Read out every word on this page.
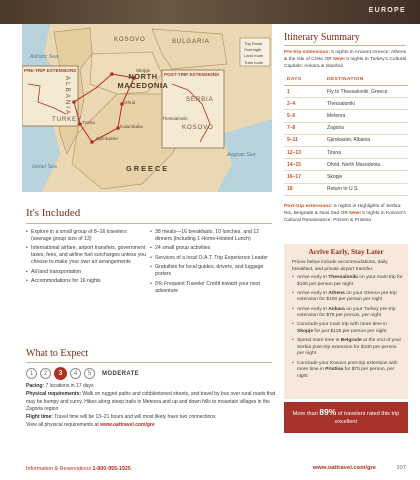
EUROPE
KOSOVO	BULGARIA
NORTH MACEDONIA
ALBANIA
GREECE
SERBIA
KOSOVO
TURKEY
Adriatic Sea
Ionian Sea
Aegean Sea
Skopje
Ohrid
Gjirokaster
Tirana
Kalambaka
Thessaloniki
PRE-TRIP EXTENSIONS
POST-TRIP EXTENSIONS
Trip Route
Overnight
Land route
Train route
It's Included
• Explore in a small group of 8–16 travelers (average group size of 13)
• International airfare, airport transfers, government taxes, fees, and airline fuel surcharges unless you choose to make your own air arrangements
• All land transportation
• Accommodations for 16 nights
• 38 meals—16 breakfasts, 10 lunches, and 12 dinners (including 1 Home-Hosted Lunch)
• 24 small group activities
• Services of a local O.A.T. Trip Experience Leader
• Gratuities for local guides, drivers, and luggage porters
• 5% Frequent Traveler Credit toward your next adventure
What to Expect
1	2	3	4	5	MODERATE

Pacing: 7 locations in 17 days

Physical requirements: Walk on rugged paths and cobblestoned streets, and travel by bus over rural roads that may be bumpy and curvy. Hikes along steep trails in Meteora and up and down hills to mountain villages in the Zagoria region

Flight time: Travel time will be 13–21 hours and will most likely have two connections

View all physical requirements at www.oattravel.com/gre

Itinerary Summary
Pre-trip extensions: 5 nights in Ancient Greece: Athens & the Isle of Crete OR New! 5 nights in Turkey's Cultural Capitals: Ankara & Istanbul
DAYS	DESTINATION
1	Fly to Thessaloniki, Greece
2–4	Thessaloniki
5–6	Meteora
7–8	Zagoria
9–11	Gjirokaster, Albania
12–13	Tirana
14–15	Ohrid, North Macedonia
16–17	Skopje
18	Return to U.S.
Post-trip extensions: 5 nights in Highlights of Serbia: Nis, Belgrade & Novi Sad OR New! 5 nights in Kosovo's Cultural Renaissance: Prizren & Pristina
Arrive Early, Stay Later
Prices below include accommodations, daily breakfast, and private airport transfer.
• Arrive early in Thessaloniki on your main trip for $100 per person per night
• Arrive early in Athens on your Greece pre-trip extension for $100 per person per night
• Arrive early in Ankara on your Turkey pre-trip extension for $75 per person, per night
• Conclude your main trip with more time in Skopje for just $125 per person per night
• Spend more time in Belgrade at the end of your Serbia post-trip extension for $100 per person per night
• Conclude your Kosovo post-trip extension with more time in Pristina for $75 per person, per night
More than 89% of travelers rated this trip excellent
Information & Reservations 1-800-955-1925	www.oattravel.com/gre	107
